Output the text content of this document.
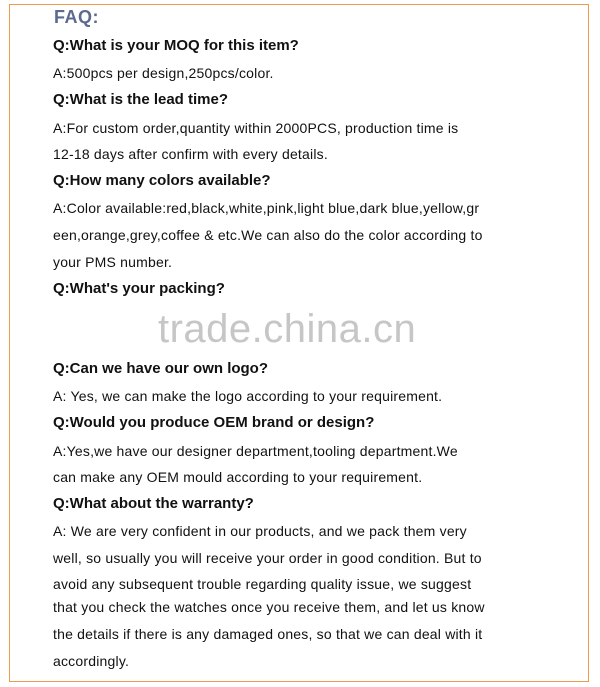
FAQ:
Q:What is your MOQ for this item?
A:500pcs per design,250pcs/color.
Q:What is the lead time?
A:For custom order,quantity within 2000PCS, production time is
12-18 days after confirm with every details.
Q:How many colors available?
A:Color available:red,black,white,pink,light blue,dark blue,yellow,gr
een,orange,grey,coffee & etc.We can also do the color according to
your PMS number.
Q:What's your packing?
trade.china.cn
Q:Can we have our own logo?
A: Yes, we can make the logo according to your requirement.
Q:Would you produce OEM brand or design?
A:Yes,we have our designer department,tooling department.We
can make any OEM mould according to your requirement.
Q:What about the warranty?
A: We are very confident in our products, and we pack them very
well, so usually you will receive your order in good condition. But to
avoid any subsequent trouble regarding quality issue, we suggest
that you check the watches once you receive them, and let us know
the details if there is any damaged ones, so that we can deal with it
accordingly.
